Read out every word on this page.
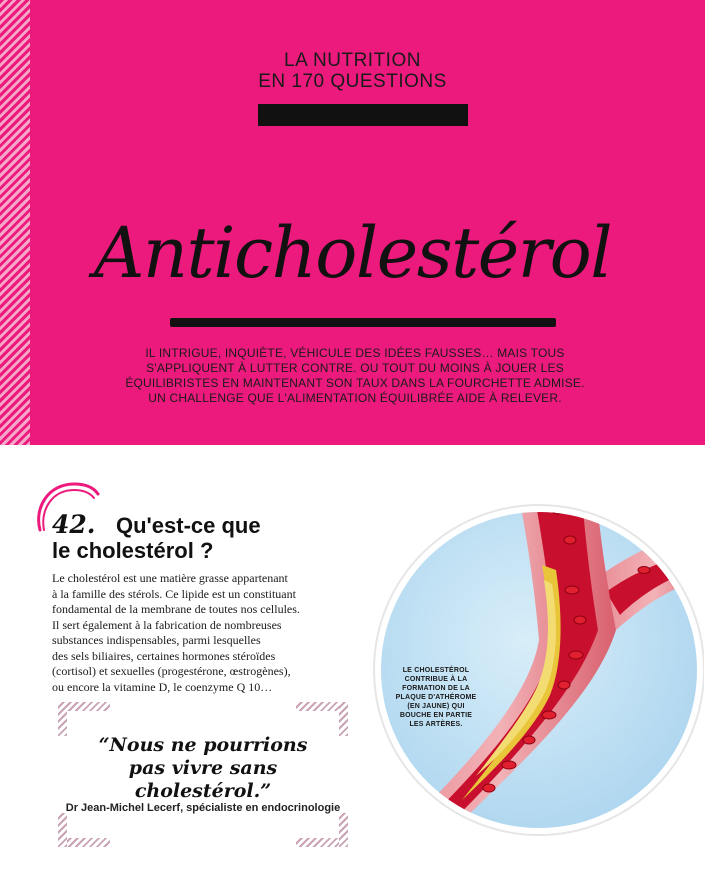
LA NUTRITION
EN 170 QUESTIONS
Anticholestérol
IL INTRIGUE, INQUIÈTE, VÉHICULE DES IDÉES FAUSSES… MAIS TOUS
S'APPLIQUENT À LUTTER CONTRE. OU TOUT DU MOINS À JOUER LES
ÉQUILIBRISTES EN MAINTENANT SON TAUX DANS LA FOURCHETTE ADMISE.
UN CHALLENGE QUE L'ALIMENTATION ÉQUILIBRÉE AIDE À RELEVER.
42. Qu'est-ce que
le cholestérol ?
Le cholestérol est une matière grasse appartenant
à la famille des stérols. Ce lipide est un constituant
fondamental de la membrane de toutes nos cellules.
Il sert également à la fabrication de nombreuses
substances indispensables, parmi lesquelles
des sels biliaires, certaines hormones stéroïdes
(cortisol) et sexuelles (progestérone, œstrogènes),
ou encore la vitamine D, le coenzyme Q 10…
“Nous ne pourrions
pas vivre sans
cholestérol.”
Dr Jean-Michel Lecerf, spécialiste en endocrinologie
LE CHOLESTÉROL
CONTRIBUE À LA
FORMATION DE LA
PLAQUE D'ATHÉROME
(EN JAUNE) QUI
BOUCHE EN PARTIE
LES ARTÈRES.
